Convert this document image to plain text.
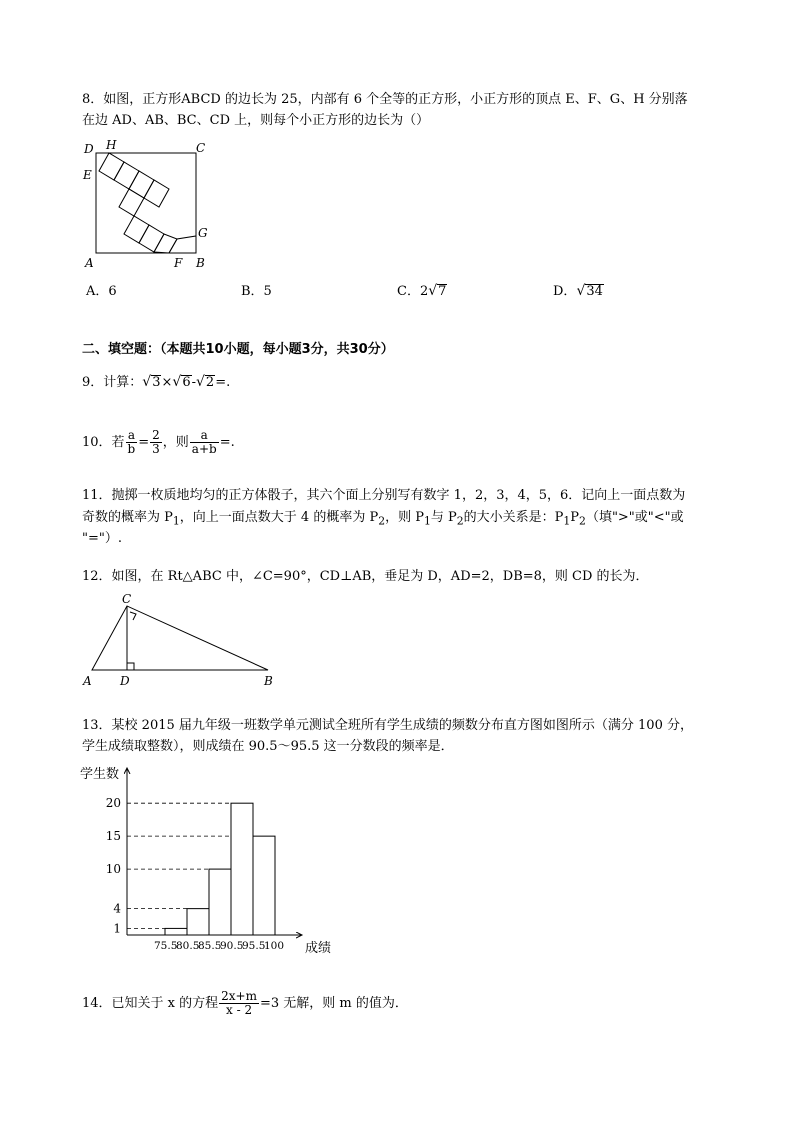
8．如图，正方形ABCD 的边长为 25，内部有 6 个全等的正方形，小正方形的顶点 E、F、G、H 分别落
在边 AD、AB、BC、CD 上，则每个小正方形的边长为（）
D H	C
E
G
A	F B
A．6	B．5	C．2√7	D．√34
二、填空题：（本题共10小题，每小题3分，共30分）
9．计算：√3×√6-√2=.
10．若 $\frac{a}{b} = \frac{2}{3}$ ，则 $\frac{a}{a+b}$ =.
11．抛掷一枚质地均匀的正方体骰子，其六个面上分别写有数字 1，2，3，4，5，6．记向上一面点数为
奇数的概率为 $P_1$，向上一面点数大于 4 的概率为 $P_2$，则 $P_1$与 $P_2$的大小关系是：$P_1P_2$（填">"或"<"或
"="）.
12．如图，在 Rt△ABC 中，∠C=90°，CD⊥AB，垂足为 D，AD=2，DB=8，则 CD 的长为．
C
A D	B
13．某校 2015 届九年级一班数学单元测试全班所有学生成绩的频数分布直方图如图所示（满分 100 分，
学生成绩取整数），则成绩在 90.5～95.5 这一分数段的频率是．
学生数
成绩
1
4
10
15
20
75.5
80.5
85.5
90.5
95.5
100
14．已知关于 x 的方程 $\frac{2x+m}{x - 2} =3$ 无解，则 m 的值为．
